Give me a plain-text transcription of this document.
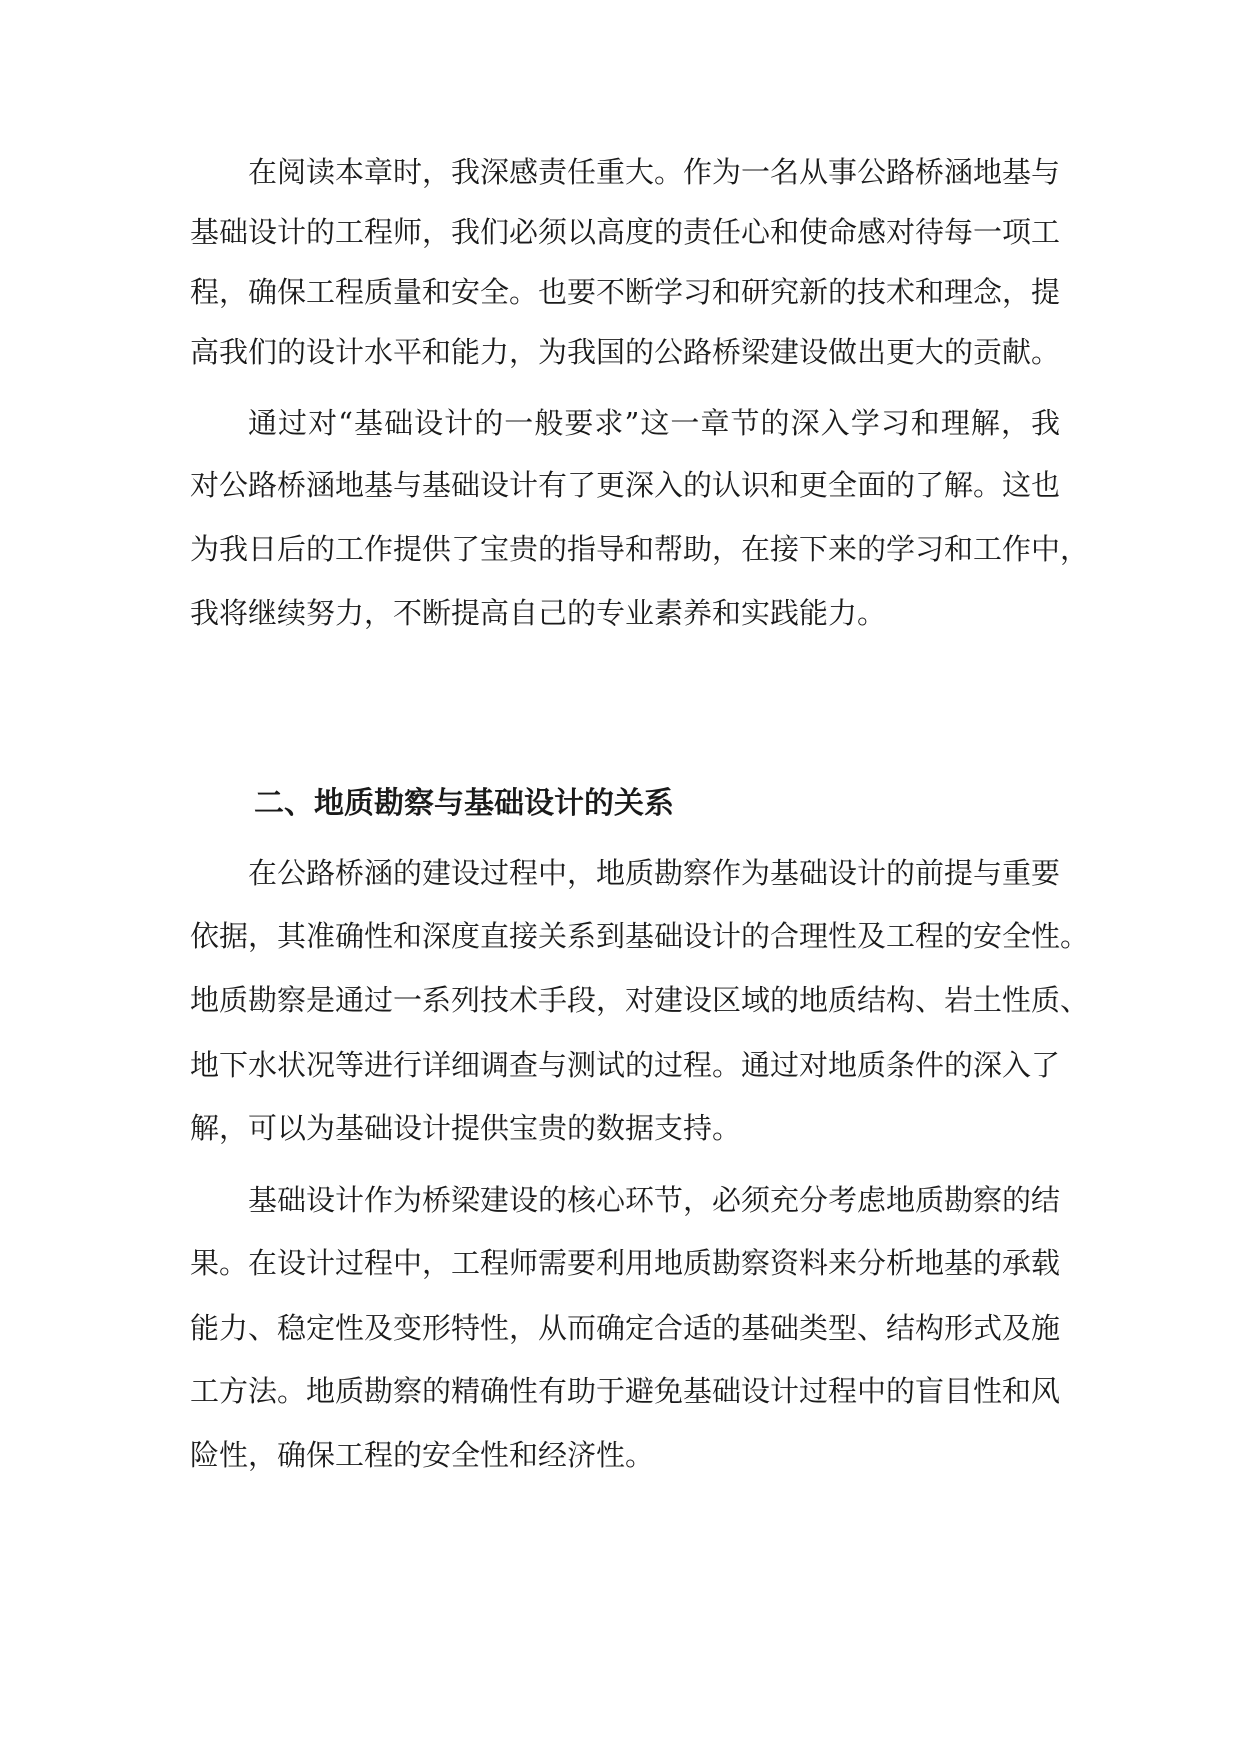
在阅读本章时，我深感责任重大。作为一名从事公路桥涵地基与
基础设计的工程师，我们必须以高度的责任心和使命感对待每一项工
程，确保工程质量和安全。也要不断学习和研究新的技术和理念，提
高我们的设计水平和能力，为我国的公路桥梁建设做出更大的贡献。
通过对“基础设计的一般要求”这一章节的深入学习和理解，我
对公路桥涵地基与基础设计有了更深入的认识和更全面的了解。这也
为我日后的工作提供了宝贵的指导和帮助，在接下来的学习和工作中，
我将继续努力，不断提高自己的专业素养和实践能力。
二、地质勘察与基础设计的关系
在公路桥涵的建设过程中，地质勘察作为基础设计的前提与重要
依据，其准确性和深度直接关系到基础设计的合理性及工程的安全性。
地质勘察是通过一系列技术手段，对建设区域的地质结构、岩土性质、
地下水状况等进行详细调查与测试的过程。通过对地质条件的深入了
解，可以为基础设计提供宝贵的数据支持。
基础设计作为桥梁建设的核心环节，必须充分考虑地质勘察的结
果。在设计过程中，工程师需要利用地质勘察资料来分析地基的承载
能力、稳定性及变形特性，从而确定合适的基础类型、结构形式及施
工方法。地质勘察的精确性有助于避免基础设计过程中的盲目性和风
险性，确保工程的安全性和经济性。
